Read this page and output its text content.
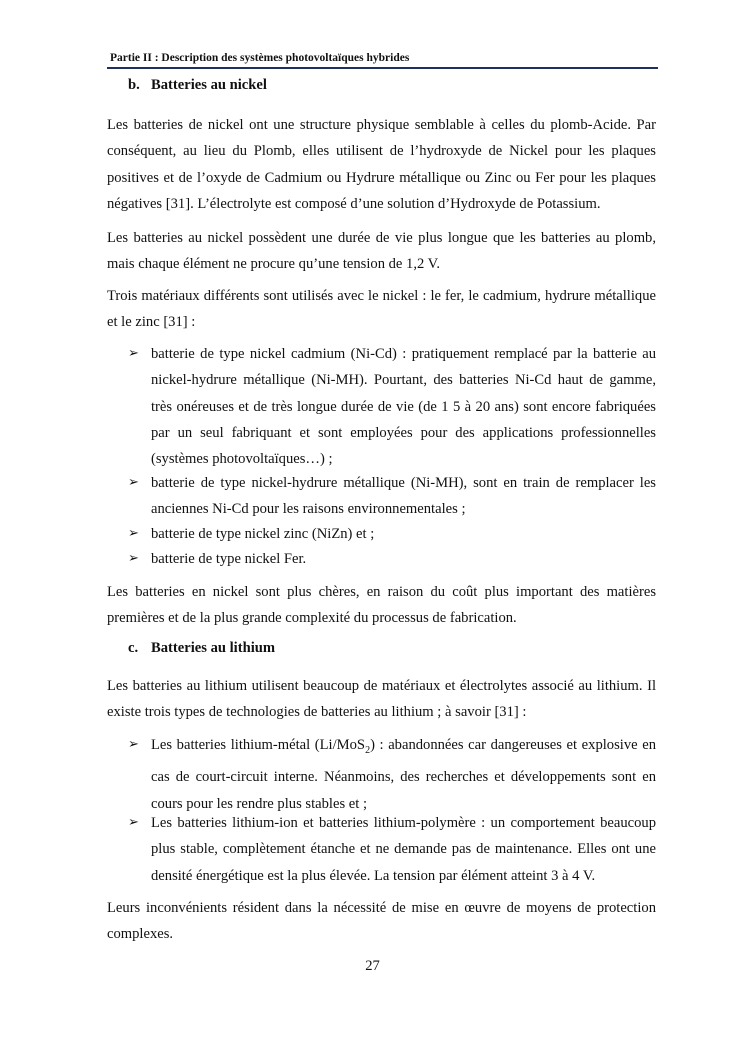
Partie II : Description des systèmes photovoltaïques hybrides
b. Batteries au nickel
Les batteries de nickel ont une structure physique semblable à celles du plomb-Acide. Par conséquent, au lieu du Plomb, elles utilisent de l’hydroxyde de Nickel pour les plaques positives et de l’oxyde de Cadmium ou Hydrure métallique ou Zinc ou Fer pour les plaques négatives [31]. L’électrolyte est composé d’une solution d’Hydroxyde de Potassium.
Les batteries au nickel possèdent une durée de vie plus longue que les batteries au plomb, mais chaque élément ne procure qu’une tension de 1,2 V.
Trois matériaux différents sont utilisés avec le nickel : le fer, le cadmium, hydrure métallique et le zinc [31] :
➢ batterie de type nickel cadmium (Ni-Cd) : pratiquement remplacé par la batterie au nickel-hydrure métallique (Ni-MH). Pourtant, des batteries Ni-Cd haut de gamme, très onéreuses et de très longue durée de vie (de 1 5 à 20 ans) sont encore fabriquées par un seul fabriquant et sont employées pour des applications professionnelles (systèmes photovoltaïques…) ;
➢ batterie de type nickel-hydrure métallique (Ni-MH), sont en train de remplacer les anciennes Ni-Cd pour les raisons environnementales ;
➢ batterie de type nickel zinc (NiZn) et ;
➢ batterie de type nickel Fer.
Les batteries en nickel sont plus chères, en raison du coût plus important des matières premières et de la plus grande complexité du processus de fabrication.
c. Batteries au lithium
Les batteries au lithium utilisent beaucoup de matériaux et électrolytes associé au lithium. Il existe trois types de technologies de batteries au lithium ; à savoir [31] :
➢ Les batteries lithium-métal (Li/MoS$_2$) : abandonnées car dangereuses et explosive en cas de court-circuit interne. Néanmoins, des recherches et développements sont en cours pour les rendre plus stables et ;
➢ Les batteries lithium-ion et batteries lithium-polymère : un comportement beaucoup plus stable, complètement étanche et ne demande pas de maintenance. Elles ont une densité énergétique est la plus élevée. La tension par élément atteint 3 à 4 V.
Leurs inconvénients résident dans la nécessité de mise en œuvre de moyens de protection complexes.
27
